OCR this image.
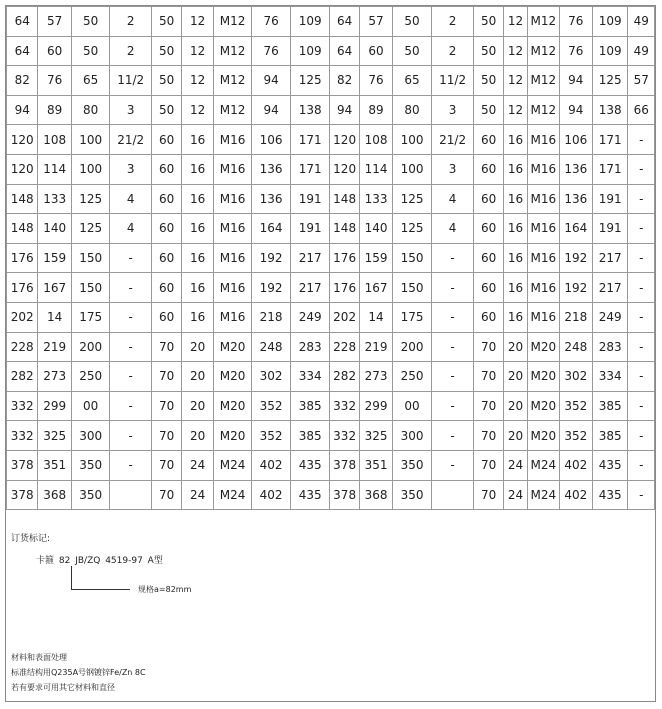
64	57	50	2	50	12	M12	76	109	64	57	50	2	50	12	M12	76	109	49
64	60	50	2	50	12	M12	76	109	64	60	50	2	50	12	M12	76	109	49
82	76	65	11/2	50	12	M12	94	125	82	76	65	11/2	50	12	M12	94	125	57
94	89	80	3	50	12	M12	94	138	94	89	80	3	50	12	M12	94	138	66
120	108	100	21/2	60	16	M16	106	171	120	108	100	21/2	60	16	M16	106	171	-
120	114	100	3	60	16	M16	136	171	120	114	100	3	60	16	M16	136	171	-
148	133	125	4	60	16	M16	136	191	148	133	125	4	60	16	M16	136	191	-
148	140	125	4	60	16	M16	164	191	148	140	125	4	60	16	M16	164	191	-
176	159	150	-	60	16	M16	192	217	176	159	150	-	60	16	M16	192	217	-
176	167	150	-	60	16	M16	192	217	176	167	150	-	60	16	M16	192	217	-
202	14	175	-	60	16	M16	218	249	202	14	175	-	60	16	M16	218	249	-
228	219	200	-	70	20	M20	248	283	228	219	200	-	70	20	M20	248	283	-
282	273	250	-	70	20	M20	302	334	282	273	250	-	70	20	M20	302	334	-
332	299	00	-	70	20	M20	352	385	332	299	00	-	70	20	M20	352	385	-
332	325	300	-	70	20	M20	352	385	332	325	300	-	70	20	M20	352	385	-
378	351	350	-	70	24	M24	402	435	378	351	350	-	70	24	M24	402	435	-
378	368	350		70	24	M24	402	435	378	368	350		70	24	M24	402	435	-
订货标记:
卡箍 82 JB/ZQ 4519-97 A型
规格a=82mm
材料和表面处理
标准结构用Q235A号钢镀锌Fe/Zn 8C
若有要求可用其它材料和直径
